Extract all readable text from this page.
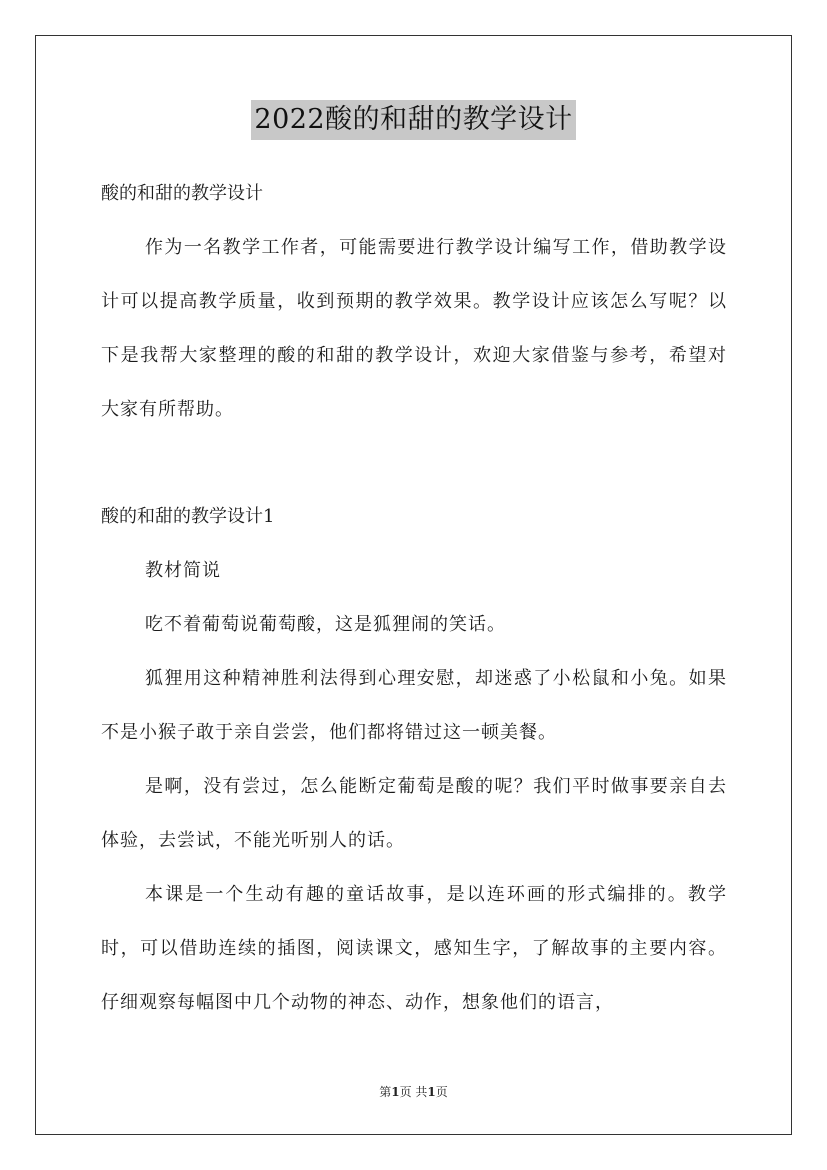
2022酸的和甜的教学设计

酸的和甜的教学设计

作为一名教学工作者，可能需要进行教学设计编写工作，借助教学设计可以提高教学质量，收到预期的教学效果。教学设计应该怎么写呢？以下是我帮大家整理的酸的和甜的教学设计，欢迎大家借鉴与参考，希望对大家有所帮助。

酸的和甜的教学设计1

教材简说

吃不着葡萄说葡萄酸，这是狐狸闹的笑话。

狐狸用这种精神胜利法得到心理安慰，却迷惑了小松鼠和小兔。如果不是小猴子敢于亲自尝尝，他们都将错过这一顿美餐。

是啊，没有尝过，怎么能断定葡萄是酸的呢？我们平时做事要亲自去体验，去尝试，不能光听别人的话。

本课是一个生动有趣的童话故事，是以连环画的形式编排的。教学时，可以借助连续的插图，阅读课文，感知生字，了解故事的主要内容。仔细观察每幅图中几个动物的神态、动作，想象他们的语言，

第1页 共1页
